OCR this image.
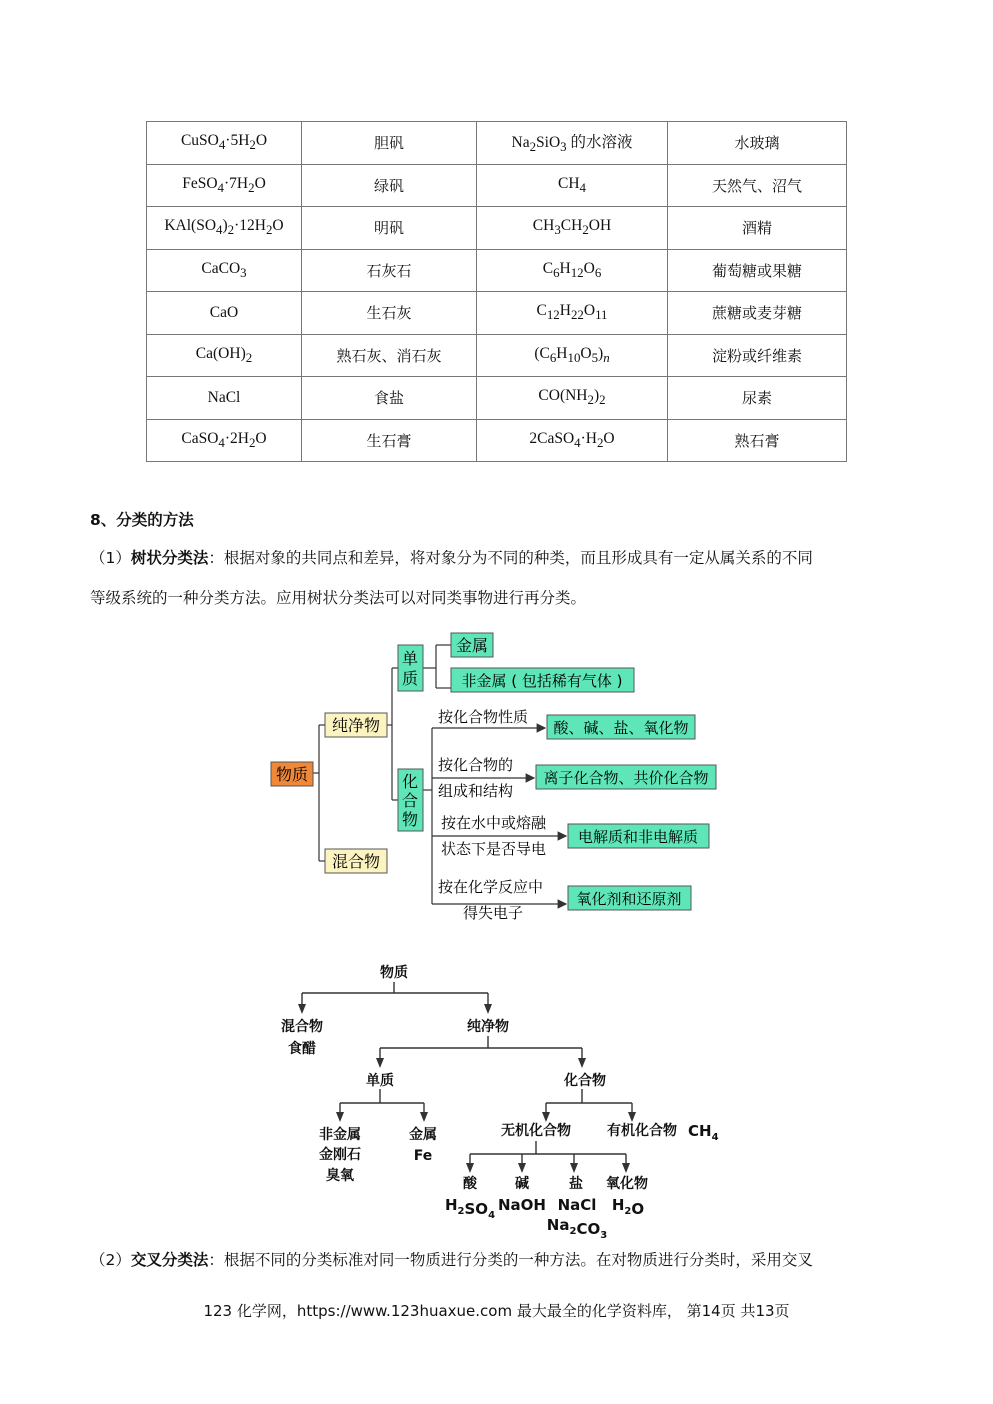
$CuSO_4\cdot 5H_2O$	胆矾	$Na_2SiO_3$ 的水溶液	水玻璃
$FeSO_4\cdot 7H_2O$	绿矾	$CH_4$	天然气、沼气
$KAl(SO_4)_2\cdot 12H_2O$	明矾	$CH_3CH_2OH$	酒精
CaCO$_3$	石灰石	$C_6H_{12}O_6$	葡萄糖或果糖
CaO	生石灰	$C_{12}H_{22}O_{11}$	蔗糖或麦芽糖
$Ca(OH)_2$	熟石灰、消石灰	$(C_6H_{10}O_5)_n$	淀粉或纤维素
NaCl	食盐	$CO(NH_2)_2$	尿素
$CaSO_4\cdot 2H_2O$	生石膏	$2CaSO_4\cdot H_2O$	熟石膏
8、分类的方法
（1）树状分类法：根据对象的共同点和差异，将对象分为不同的种类，而且形成具有一定从属关系的不同
等级系统的一种分类方法。应用树状分类法可以对同类事物进行再分类。
物质
纯净物
混合物
单
质
化
合
物
金属
非金属 ( 包括稀有气体 )
按化合物性质
按化合物的
组成和结构
按在水中或熔融
状态下是否导电
按在化学反应中
得失电子
酸、碱、盐、氧化物
离子化合物、共价化合物
电解质和非电解质
氧化剂和还原剂
物质
混合物
食醋
纯净物
单质	化合物
非金属
金刚石
臭氧
金属
Fe
无机化合物	有机化合物
酸	碱	盐 氧化物
$CH_4$
$H_2SO_4$
NaOH NaCl
$Na_2CO_3$
$H_2O$
（2）交叉分类法：根据不同的分类标准对同一物质进行分类的一种方法。在对物质进行分类时，采用交叉
123 化学网，https://www.123huaxue.com 最大最全的化学资料库， 第14页 共13页
